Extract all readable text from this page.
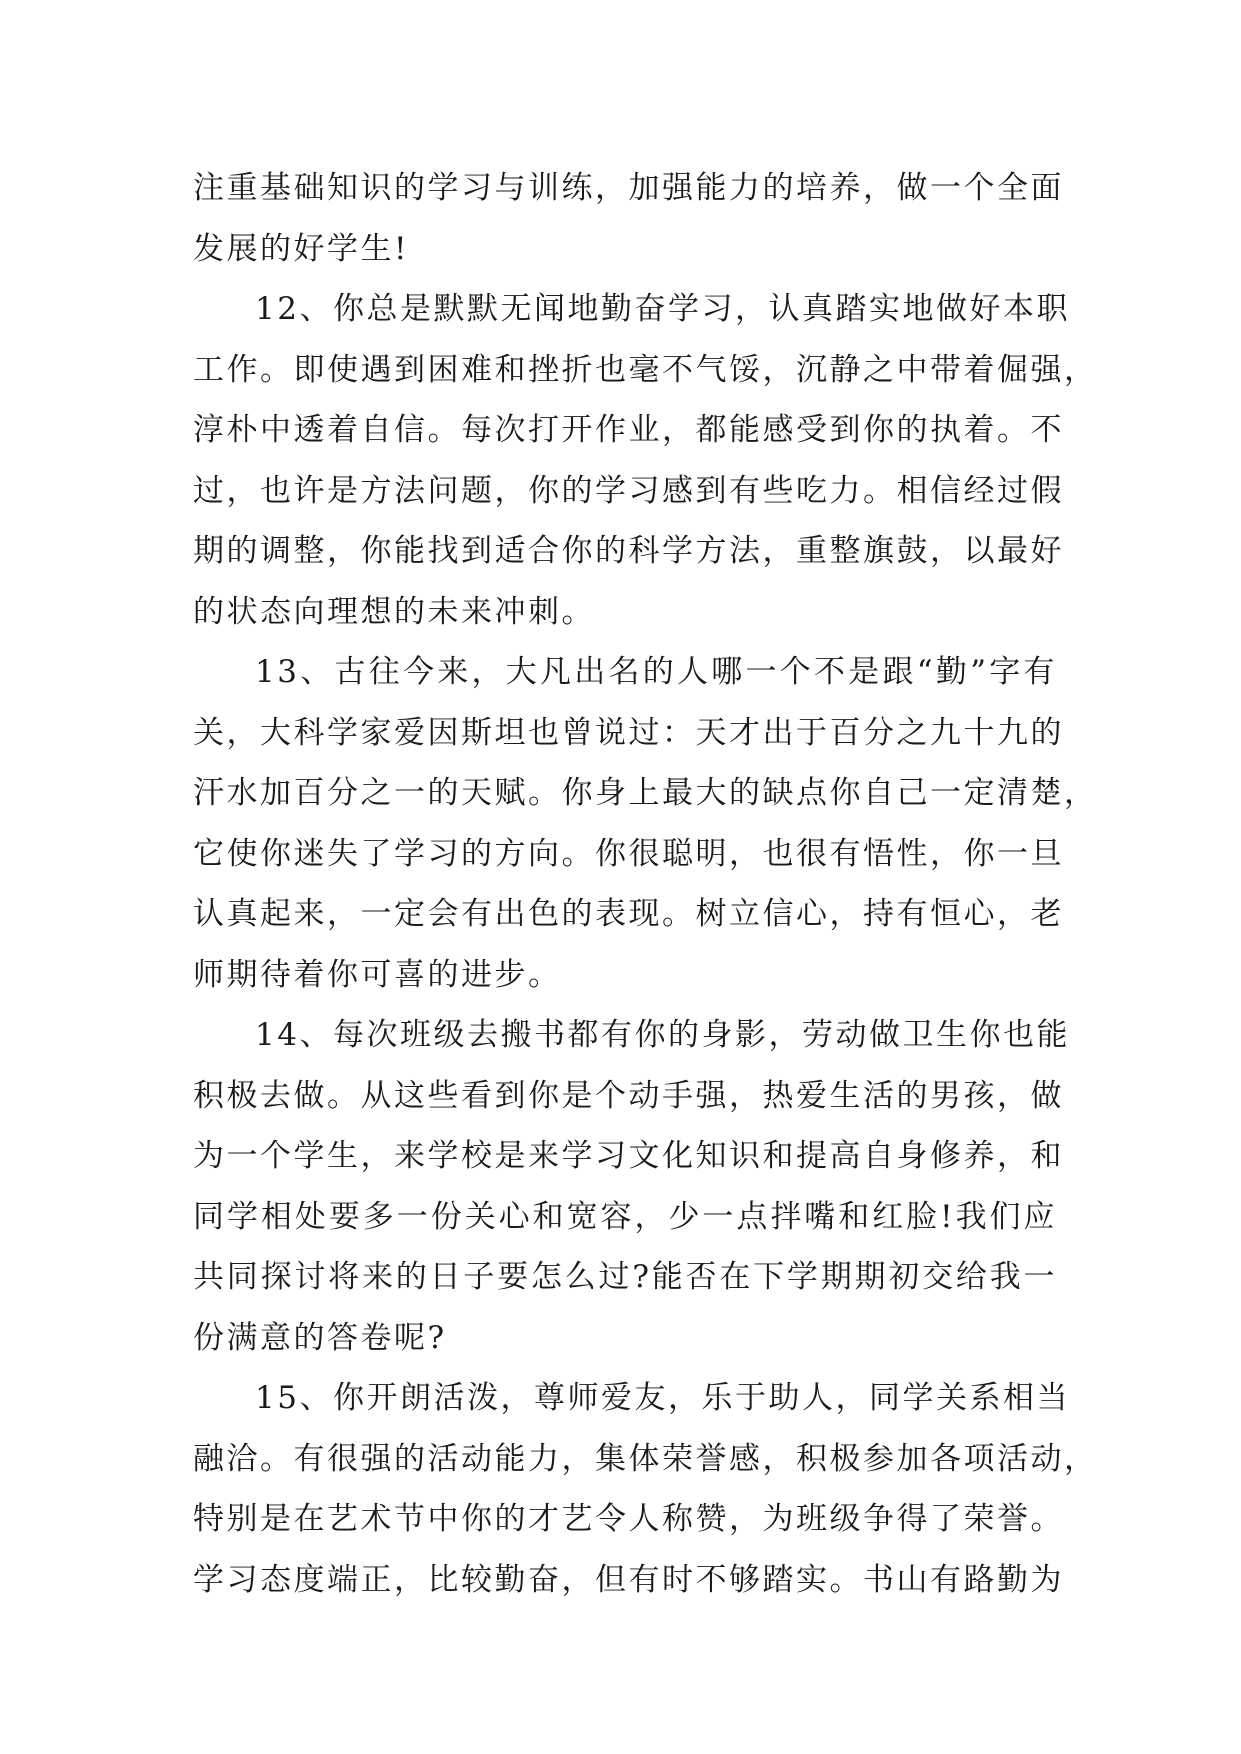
注重基础知识的学习与训练，加强能力的培养，做一个全面
发展的好学生!
12、你总是默默无闻地勤奋学习，认真踏实地做好本职
工作。即使遇到困难和挫折也毫不气馁，沉静之中带着倔强，
淳朴中透着自信。每次打开作业，都能感受到你的执着。不
过，也许是方法问题，你的学习感到有些吃力。相信经过假
期的调整，你能找到适合你的科学方法，重整旗鼓，以最好
的状态向理想的未来冲刺。
13、古往今来，大凡出名的人哪一个不是跟“勤”字有
关，大科学家爱因斯坦也曾说过：天才出于百分之九十九的
汗水加百分之一的天赋。你身上最大的缺点你自己一定清楚，
它使你迷失了学习的方向。你很聪明，也很有悟性，你一旦
认真起来，一定会有出色的表现。树立信心，持有恒心，老
师期待着你可喜的进步。
14、每次班级去搬书都有你的身影，劳动做卫生你也能
积极去做。从这些看到你是个动手强，热爱生活的男孩，做
为一个学生，来学校是来学习文化知识和提高自身修养，和
同学相处要多一份关心和宽容，少一点拌嘴和红脸!我们应
共同探讨将来的日子要怎么过?能否在下学期期初交给我一
份满意的答卷呢?
15、你开朗活泼，尊师爱友，乐于助人，同学关系相当
融洽。有很强的活动能力，集体荣誉感，积极参加各项活动，
特别是在艺术节中你的才艺令人称赞，为班级争得了荣誉。
学习态度端正，比较勤奋，但有时不够踏实。书山有路勤为
